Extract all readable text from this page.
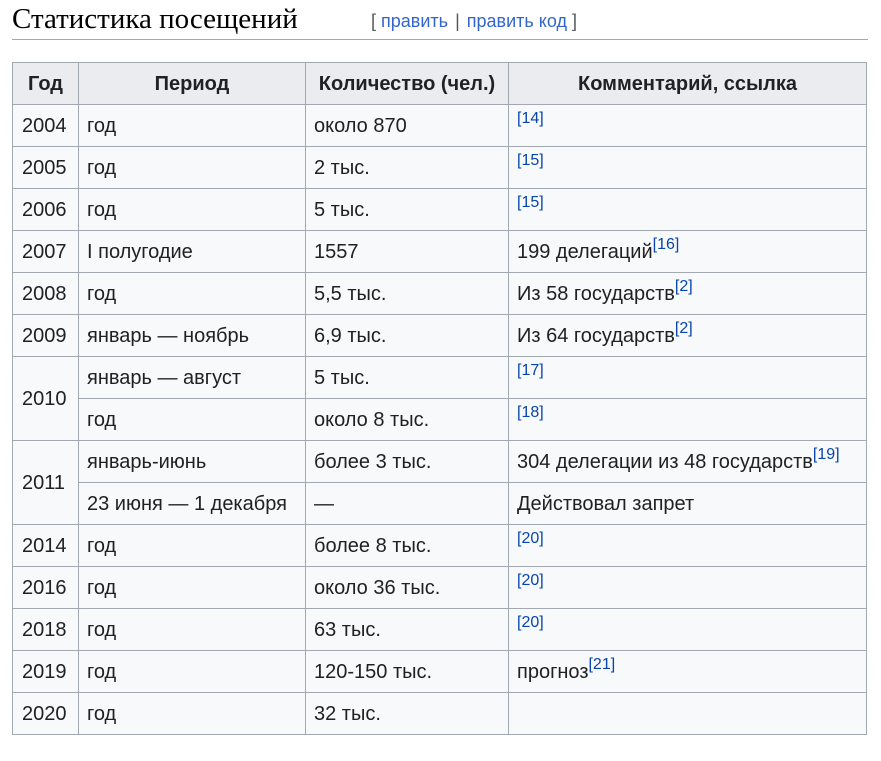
Статистика посещений	[ править | править код ]
Год	Период	Количество (чел.)	Комментарий, ссылка
2004	год	около 870	[14]
2005	год	2 тыс.	[15]
2006	год	5 тыс.	[15]
2007	I полугодие	1557	199 делегаций[16]
2008	год	5,5 тыс.	Из 58 государств[2]
2009	январь — ноябрь	6,9 тыс.	Из 64 государств[2]
2010	январь — август	5 тыс.	[17]
	год	около 8 тыс.	[18]
2011	январь-июнь	более 3 тыс.	304 делегации из 48 государств[19]
	23 июня — 1 декабря	—	Действовал запрет
2014	год	более 8 тыс.	[20]
2016	год	около 36 тыс.	[20]
2018	год	63 тыс.	[20]
2019	год	120-150 тыс.	прогноз[21]
2020	год	32 тыс.	
